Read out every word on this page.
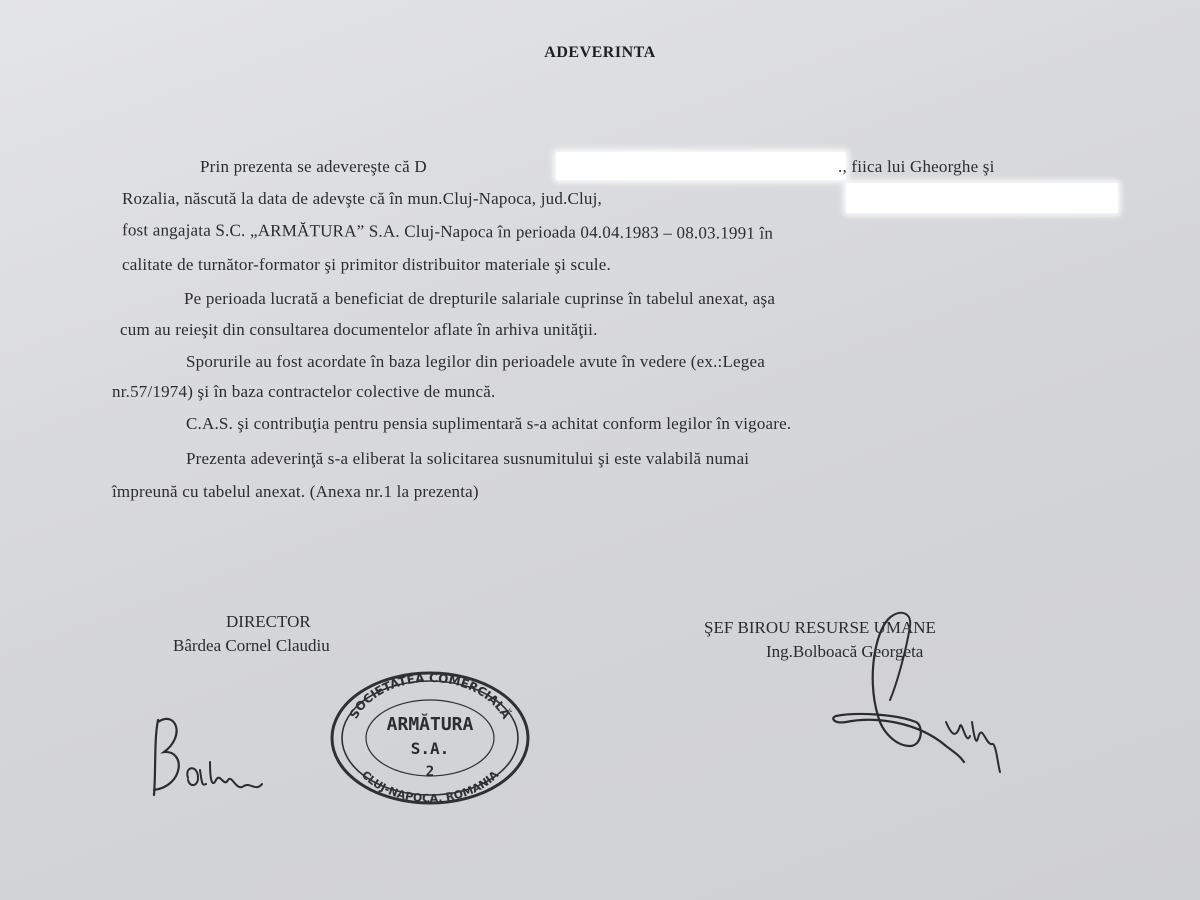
ADEVERINTA
Prin prezenta se adevereşte că D	., fiica lui Gheorghe şi
Rozalia, născută la data de adevşte că în mun.Cluj-Napoca, jud.Cluj,
fost angajata S.C. „ARMĂTURA” S.A. Cluj-Napoca în perioada 04.04.1983 – 08.03.1991 în
calitate de turnător-formator şi primitor distribuitor materiale şi scule.
Pe perioada lucrată a beneficiat de drepturile salariale cuprinse în tabelul anexat, aşa
cum au reieşit din consultarea documentelor aflate în arhiva unităţii.
Sporurile au fost acordate în baza legilor din perioadele avute în vedere (ex.:Legea
nr.57/1974) şi în baza contractelor colective de muncă.
C.A.S. şi contribuţia pentru pensia suplimentară s-a achitat conform legilor în vigoare.
Prezenta adeverinţă s-a eliberat la solicitarea susnumitului şi este valabilă numai
împreună cu tabelul anexat. (Anexa nr.1 la prezenta)
DIRECTOR
Bârdea Cornel Claudiu
SOCIETATEA COMERCIALĂ
CLUJ-NAPOCA, ROMANIA
ARMĂTURA
S.A.
2
ŞEF BIROU RESURSE UMANE
Ing.Bolboacă Georgeta
